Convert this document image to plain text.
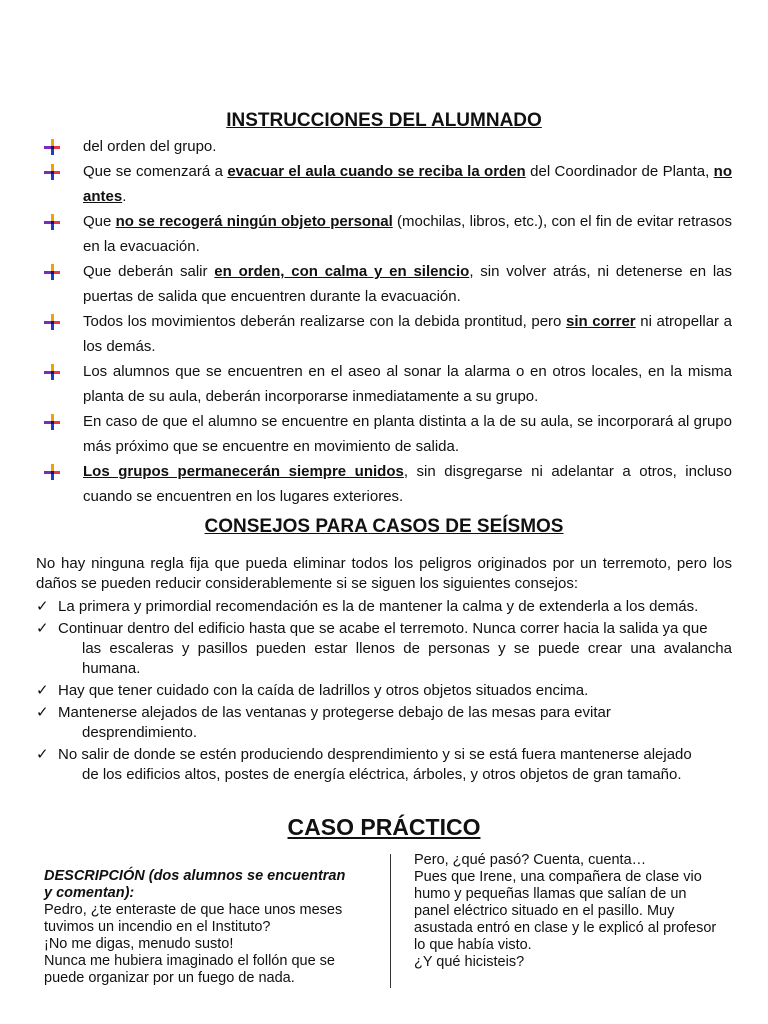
INSTRUCCIONES DEL ALUMNADO
del orden del grupo.
Que se comenzará a evacuar el aula cuando se reciba la orden del Coordinador de Planta, no antes.
Que no se recogerá ningún objeto personal (mochilas, libros, etc.), con el fin de evitar retrasos en la evacuación.
Que deberán salir en orden, con calma y en silencio, sin volver atrás, ni detenerse en las puertas de salida que encuentren durante la evacuación.
Todos los movimientos deberán realizarse con la debida prontitud, pero sin correr ni atropellar a los demás.
Los alumnos que se encuentren en el aseo al sonar la alarma o en otros locales, en la misma planta de su aula, deberán incorporarse inmediatamente a su grupo.
En caso de que el alumno se encuentre en planta distinta a la de su aula, se incorporará al grupo más próximo que se encuentre en movimiento de salida.
Los grupos permanecerán siempre unidos, sin disgregarse ni adelantar a otros, incluso cuando se encuentren en los lugares exteriores.
CONSEJOS PARA CASOS DE SEÍSMOS
No hay ninguna regla fija que pueda eliminar todos los peligros originados por un terremoto, pero los daños se pueden reducir considerablemente si se siguen los siguientes consejos:
✓ La primera y primordial recomendación es la de mantener la calma y de extenderla a los demás.
✓ Continuar dentro del edificio hasta que se acabe el terremoto. Nunca correr hacia la salida ya que
las escaleras y pasillos pueden estar llenos de personas y se puede crear una avalancha humana.
✓ Hay que tener cuidado con la caída de ladrillos y otros objetos situados encima.
✓ Mantenerse alejados de las ventanas y protegerse debajo de las mesas para evitar
desprendimiento.
✓ No salir de donde se estén produciendo desprendimiento y si se está fuera mantenerse alejado
de los edificios altos, postes de energía eléctrica, árboles, y otros objetos de gran tamaño.
CASO PRÁCTICO
DESCRIPCIÓN (dos alumnos se encuentran
y comentan):
Pedro, ¿te enteraste de que hace unos meses
tuvimos un incendio en el Instituto?
¡No me digas, menudo susto!
Nunca me hubiera imaginado el follón que se
puede organizar por un fuego de nada.
Pero, ¿qué pasó? Cuenta, cuenta…
Pues que Irene, una compañera de clase vio
humo y pequeñas llamas que salían de un
panel eléctrico situado en el pasillo. Muy
asustada entró en clase y le explicó al profesor
lo que había visto.
¿Y qué hicisteis?
